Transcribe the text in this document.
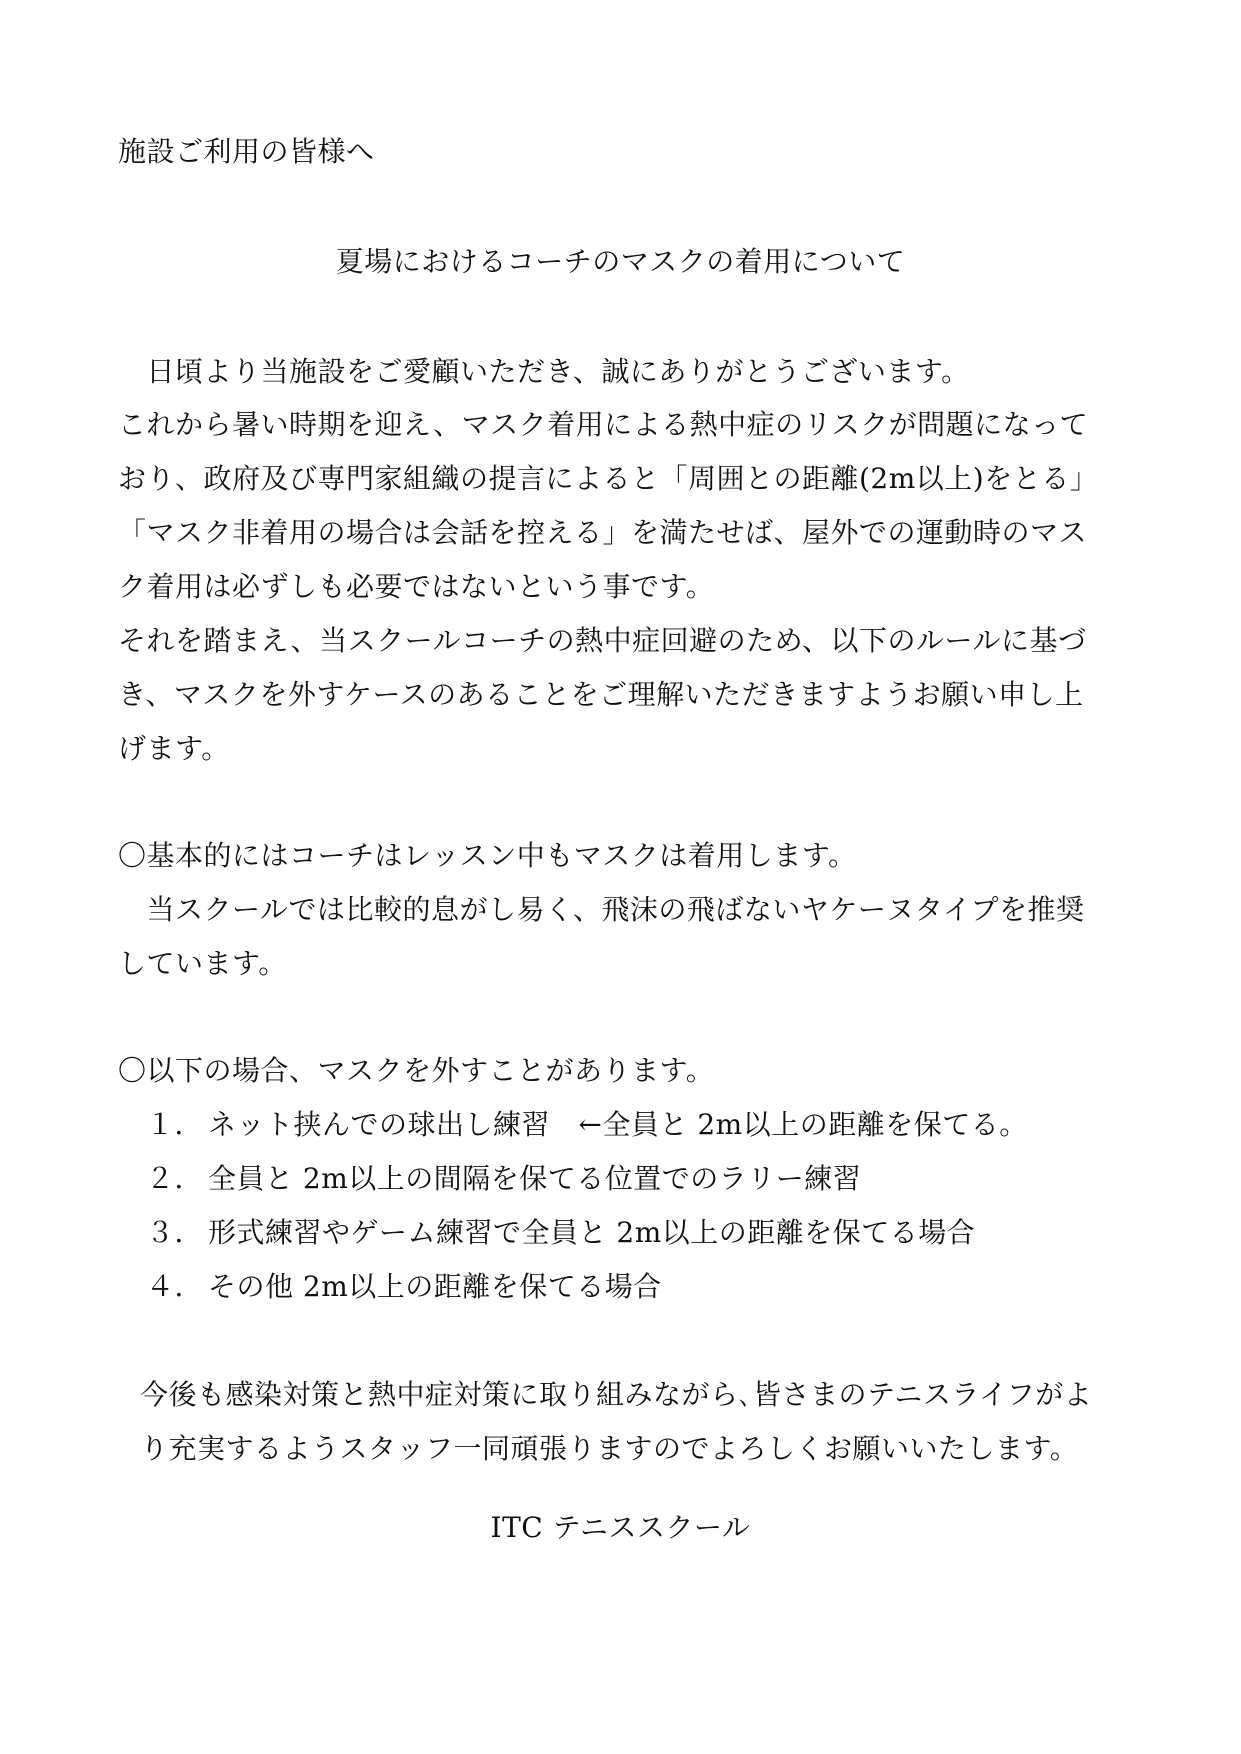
施設ご利用の皆様へ
夏場におけるコーチのマスクの着用について
　日頃より当施設をご愛顧いただき、誠にありがとうございます。
これから暑い時期を迎え、マスク着用による熱中症のリスクが問題になって
おり、政府及び専門家組織の提言によると「周囲との距離(2m以上)をとる」
「マスク非着用の場合は会話を控える」を満たせば、屋外での運動時のマス
ク着用は必ずしも必要ではないという事です。
それを踏まえ、当スクールコーチの熱中症回避のため、以下のルールに基づ
き、マスクを外すケースのあることをご理解いただきますようお願い申し上
げます。
〇基本的にはコーチはレッスン中もマスクは着用します。
　当スクールでは比較的息がし易く、飛沫の飛ばないヤケーヌタイプを推奨
しています。
〇以下の場合、マスクを外すことがあります。
１． ネット挟んでの球出し練習　←全員と 2m以上の距離を保てる。
２． 全員と 2m以上の間隔を保てる位置でのラリー練習
３． 形式練習やゲーム練習で全員と 2m以上の距離を保てる場合
４． その他 2m以上の距離を保てる場合
今後も感染対策と熱中症対策に取り組みながら､皆さまのテニスライフがよ
り充実するようスタッフ一同頑張りますのでよろしくお願いいたします。
ITC テニススクール
